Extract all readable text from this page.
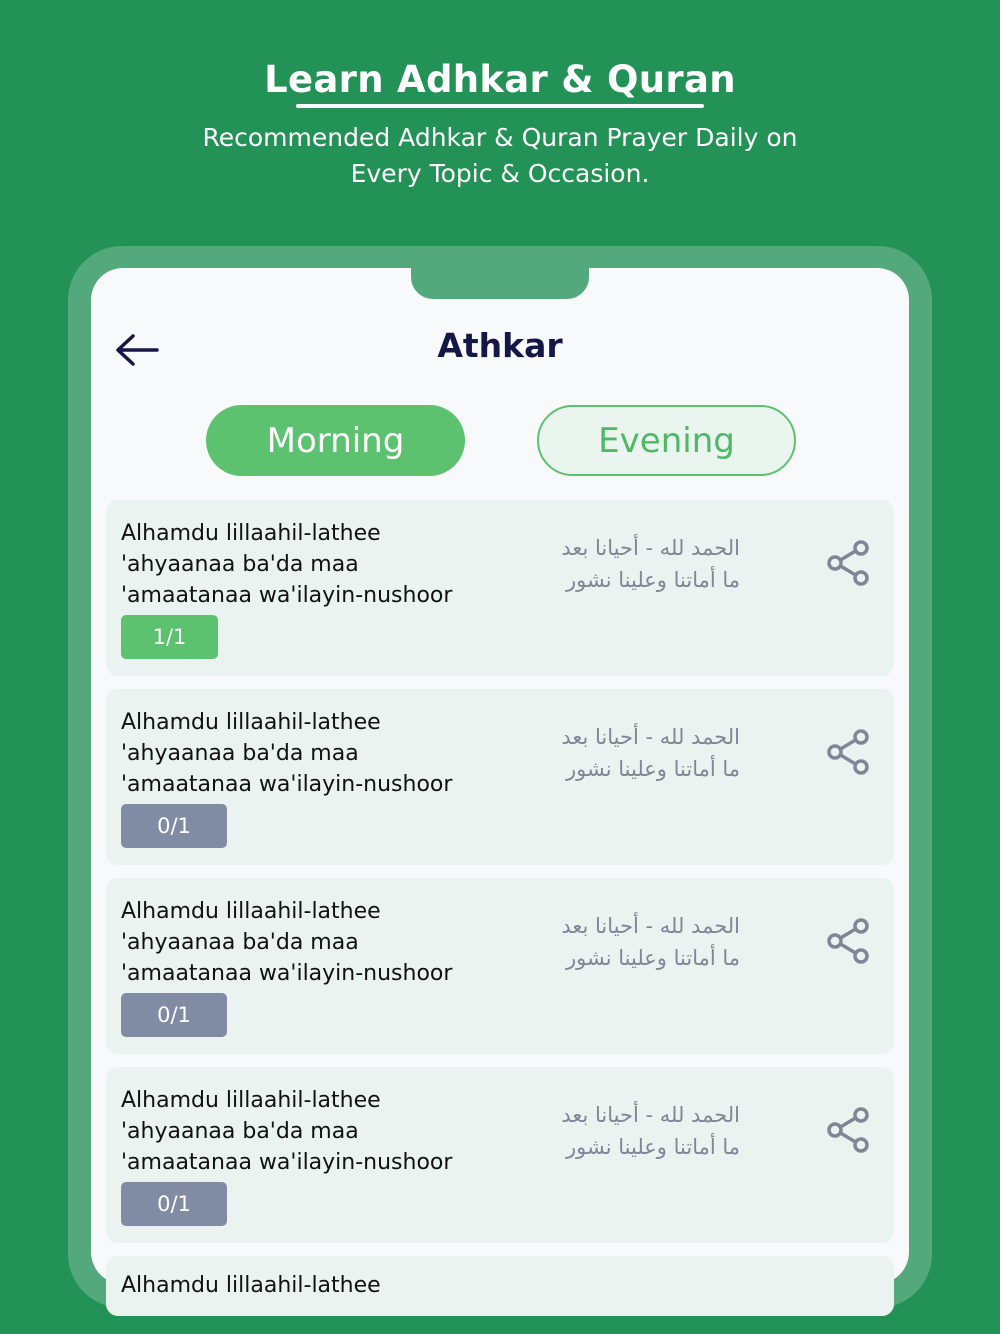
Learn Adhkar & Quran
Recommended Adhkar & Quran Prayer Daily on
Every Topic & Occasion.
Athkar
Morning	Evening
Alhamdu lillaahil-lathee
'ahyaanaa ba'da maa
'amaatanaa wa'ilayin-nushoor
الحمد لله - أحيانا بعد
ما أماتنا وعلينا نشور
1/1
Alhamdu lillaahil-lathee
'ahyaanaa ba'da maa
'amaatanaa wa'ilayin-nushoor
الحمد لله - أحيانا بعد
ما أماتنا وعلينا نشور
0/1
Alhamdu lillaahil-lathee
'ahyaanaa ba'da maa
'amaatanaa wa'ilayin-nushoor
الحمد لله - أحيانا بعد
ما أماتنا وعلينا نشور
0/1
Alhamdu lillaahil-lathee
'ahyaanaa ba'da maa
'amaatanaa wa'ilayin-nushoor
الحمد لله - أحيانا بعد
ما أماتنا وعلينا نشور
0/1
Alhamdu lillaahil-lathee
